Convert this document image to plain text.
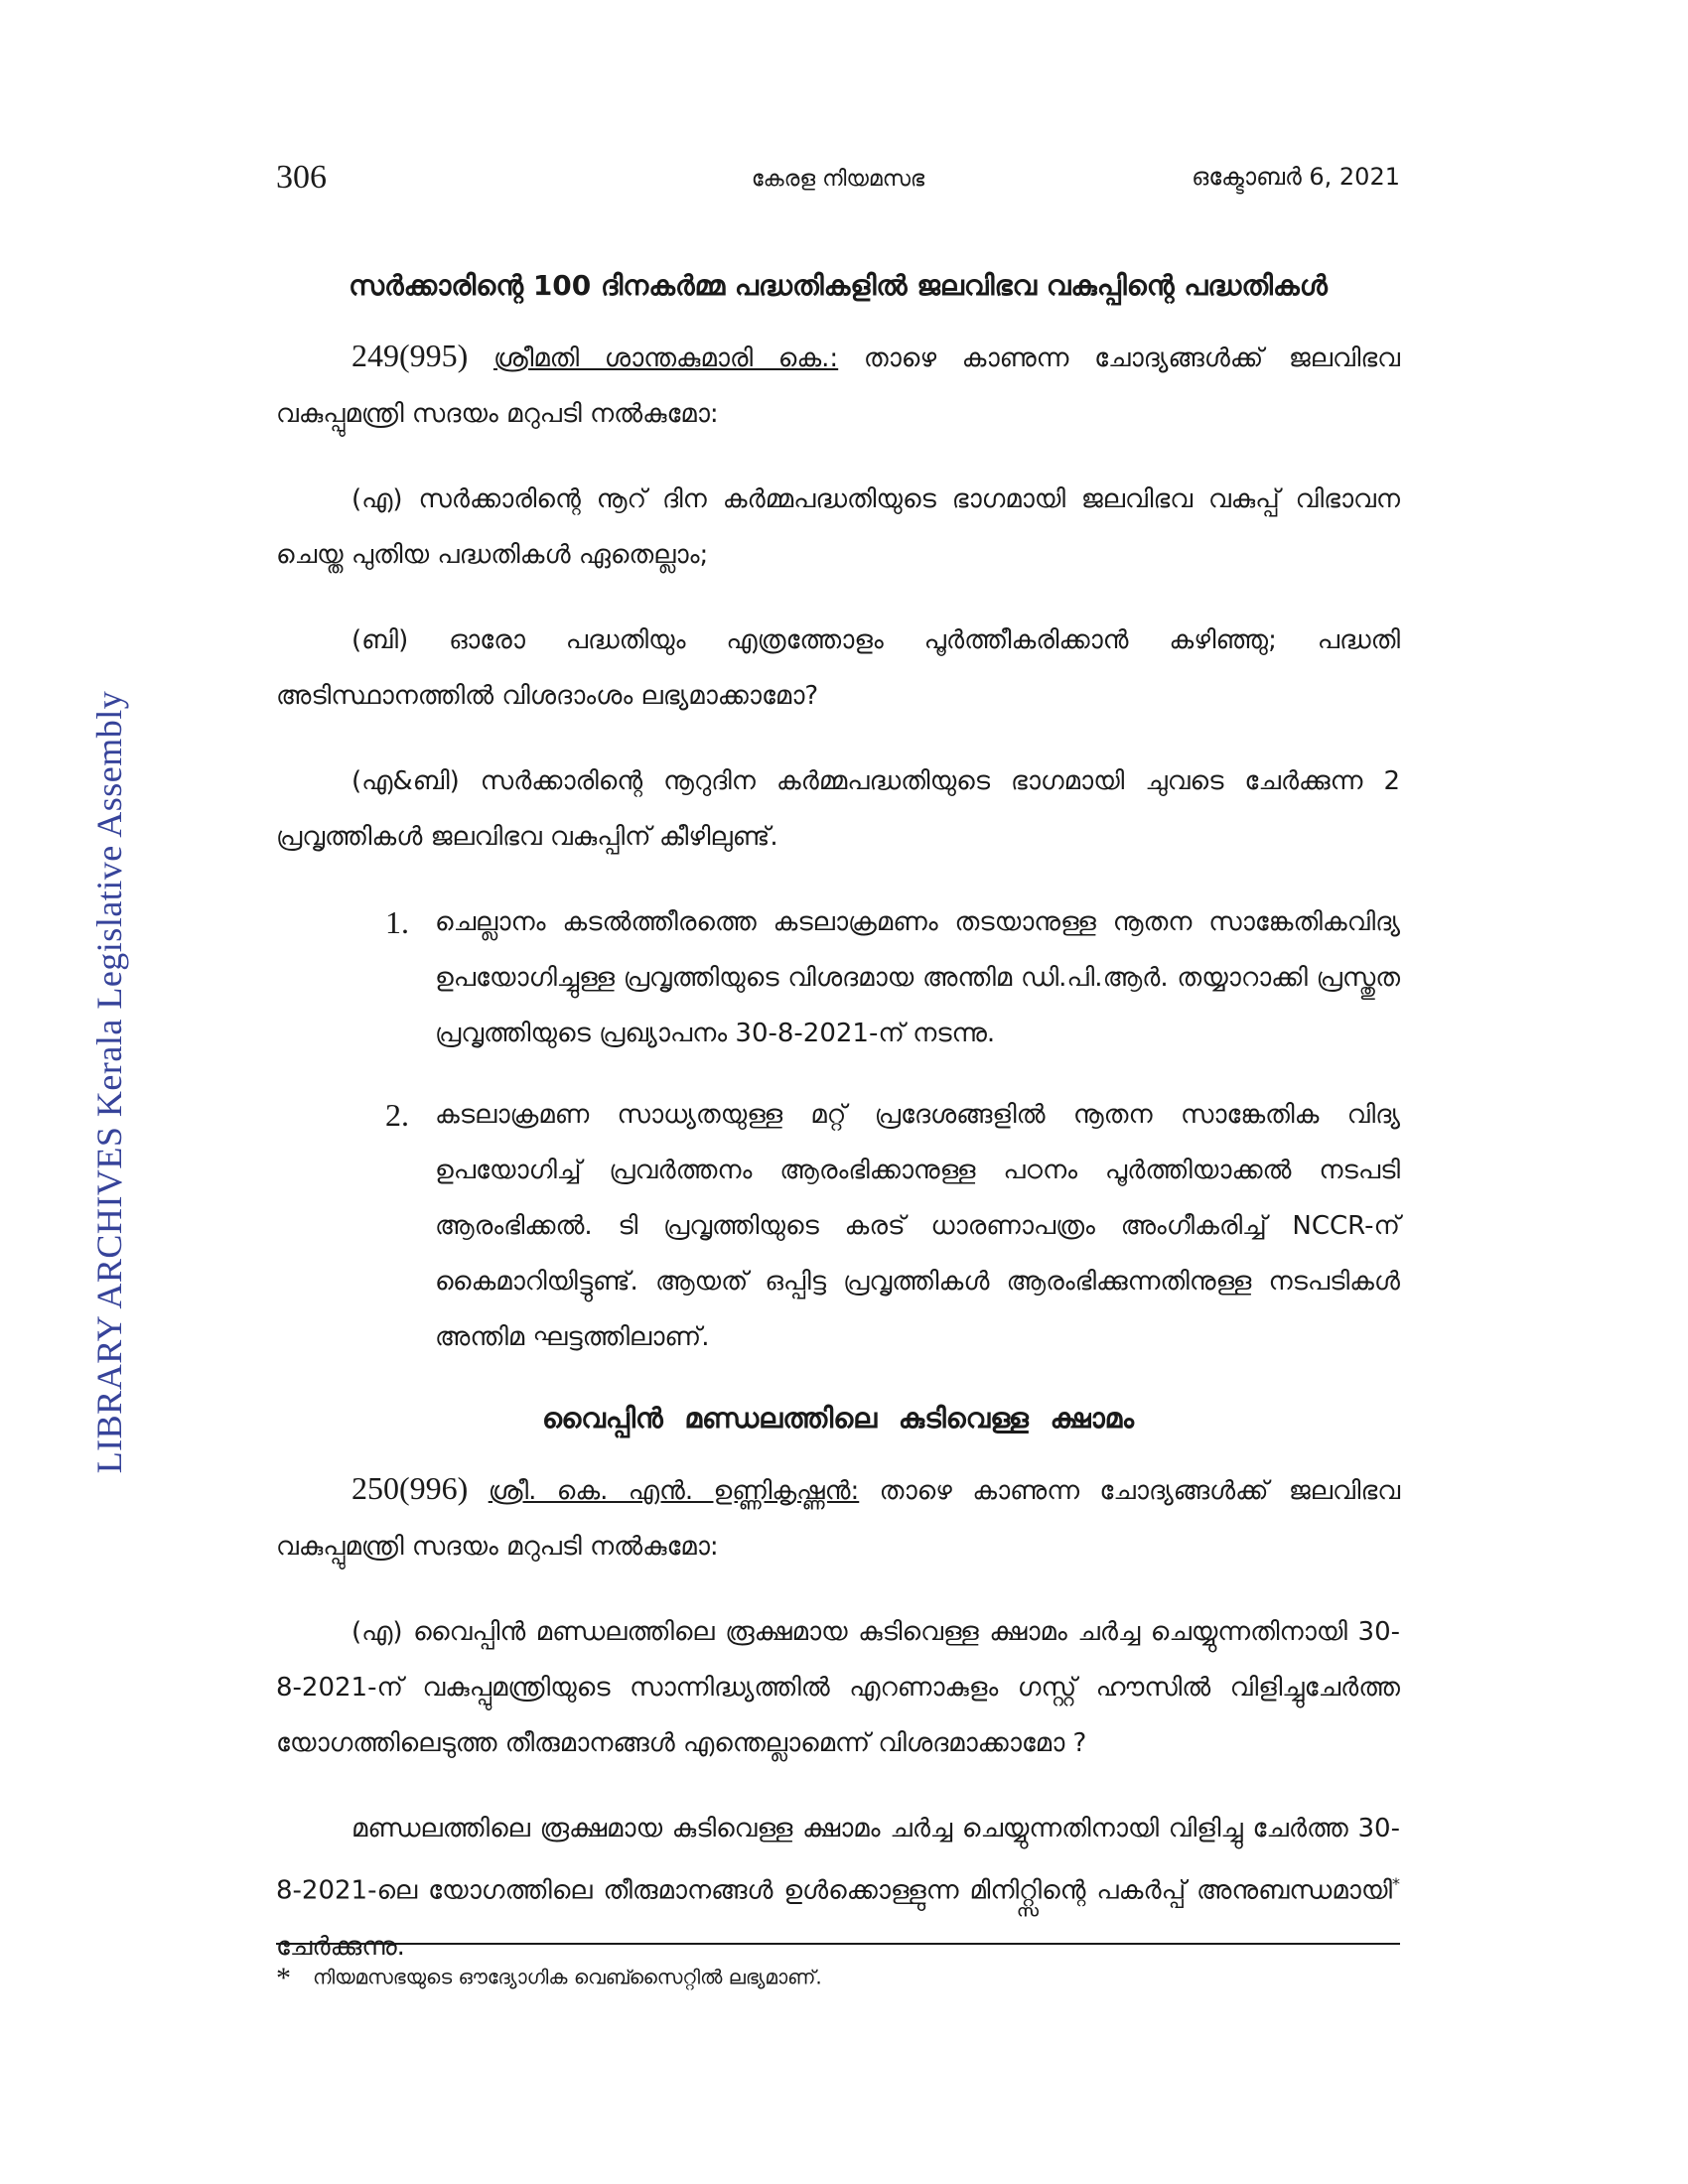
LIBRARY ARCHIVES Kerala Legislative Assembly
306	കേരള നിയമസഭ	ഒക്ടോബർ 6, 2021
സർക്കാരിന്റെ 100 ദിനകർമ്മ പദ്ധതികളിൽ ജലവിഭവ വകുപ്പിന്റെ പദ്ധതികൾ

249(995) ശ്രീമതി ശാന്തകുമാരി കെ.: താഴെ കാണുന്ന ചോദ്യങ്ങൾക്ക് ജലവിഭവ വകുപ്പുമന്ത്രി സദയം മറുപടി നൽകുമോ:

(എ) സർക്കാരിന്റെ നൂറ് ദിന കർമ്മപദ്ധതിയുടെ ഭാഗമായി ജലവിഭവ വകുപ്പ് വിഭാവന ചെയ്ത പുതിയ പദ്ധതികൾ ഏതെല്ലാം;

(ബി) ഓരോ പദ്ധതിയും എത്രത്തോളം പൂർത്തീകരിക്കാൻ കഴിഞ്ഞു; പദ്ധതി അടിസ്ഥാനത്തിൽ വിശദാംശം ലഭ്യമാക്കാമോ?

(എ&ബി) സർക്കാരിന്റെ നൂറുദിന കർമ്മപദ്ധതിയുടെ ഭാഗമായി ചുവടെ ചേർക്കുന്ന 2 പ്രവൃത്തികൾ ജലവിഭവ വകുപ്പിന് കീഴിലുണ്ട്.

1. ചെല്ലാനം കടൽത്തീരത്തെ കടലാക്രമണം തടയാനുള്ള നൂതന സാങ്കേതികവിദ്യ ഉപയോഗിച്ചുള്ള പ്രവൃത്തിയുടെ വിശദമായ അന്തിമ ഡി.പി.ആർ. തയ്യാറാക്കി പ്രസ്തുത പ്രവൃത്തിയുടെ പ്രഖ്യാപനം 30-8-2021-ന് നടന്നു.
2. കടലാക്രമണ സാധ്യതയുള്ള മറ്റ് പ്രദേശങ്ങളിൽ നൂതന സാങ്കേതിക വിദ്യ ഉപയോഗിച്ച് പ്രവർത്തനം ആരംഭിക്കാനുള്ള പഠനം പൂർത്തിയാക്കൽ നടപടി ആരംഭിക്കൽ. ടി പ്രവൃത്തിയുടെ കരട് ധാരണാപത്രം അംഗീകരിച്ച് NCCR-ന് കൈമാറിയിട്ടുണ്ട്. ആയത് ഒപ്പിട്ട പ്രവൃത്തികൾ ആരംഭിക്കുന്നതിനുള്ള നടപടികൾ അന്തിമ ഘട്ടത്തിലാണ്.
വൈപ്പിൻ മണ്ഡലത്തിലെ കുടിവെള്ള ക്ഷാമം

250(996) ശ്രീ. കെ. എൻ. ഉണ്ണികൃഷ്ണൻ: താഴെ കാണുന്ന ചോദ്യങ്ങൾക്ക് ജലവിഭവ വകുപ്പുമന്ത്രി സദയം മറുപടി നൽകുമോ:

(എ) വൈപ്പിൻ മണ്ഡലത്തിലെ രൂക്ഷമായ കുടിവെള്ള ക്ഷാമം ചർച്ച ചെയ്യുന്നതിനായി 30-8-2021-ന് വകുപ്പുമന്ത്രിയുടെ സാന്നിദ്ധ്യത്തിൽ എറണാകുളം ഗസ്റ്റ് ഹൗസിൽ വിളിച്ചുചേർത്ത യോഗത്തിലെടുത്ത തീരുമാനങ്ങൾ എന്തെല്ലാമെന്ന് വിശദമാക്കാമോ ?

മണ്ഡലത്തിലെ രൂക്ഷമായ കുടിവെള്ള ക്ഷാമം ചർച്ച ചെയ്യുന്നതിനായി വിളിച്ചു ചേർത്ത 30-8-2021-ലെ യോഗത്തിലെ തീരുമാനങ്ങൾ ഉൾക്കൊള്ളുന്ന മിനിറ്റ്സിന്റെ പകർപ്പ് അനുബന്ധമായി* ചേർക്കുന്നു.

* നിയമസഭയുടെ ഔദ്യോഗിക വെബ്സൈറ്റിൽ ലഭ്യമാണ്.
